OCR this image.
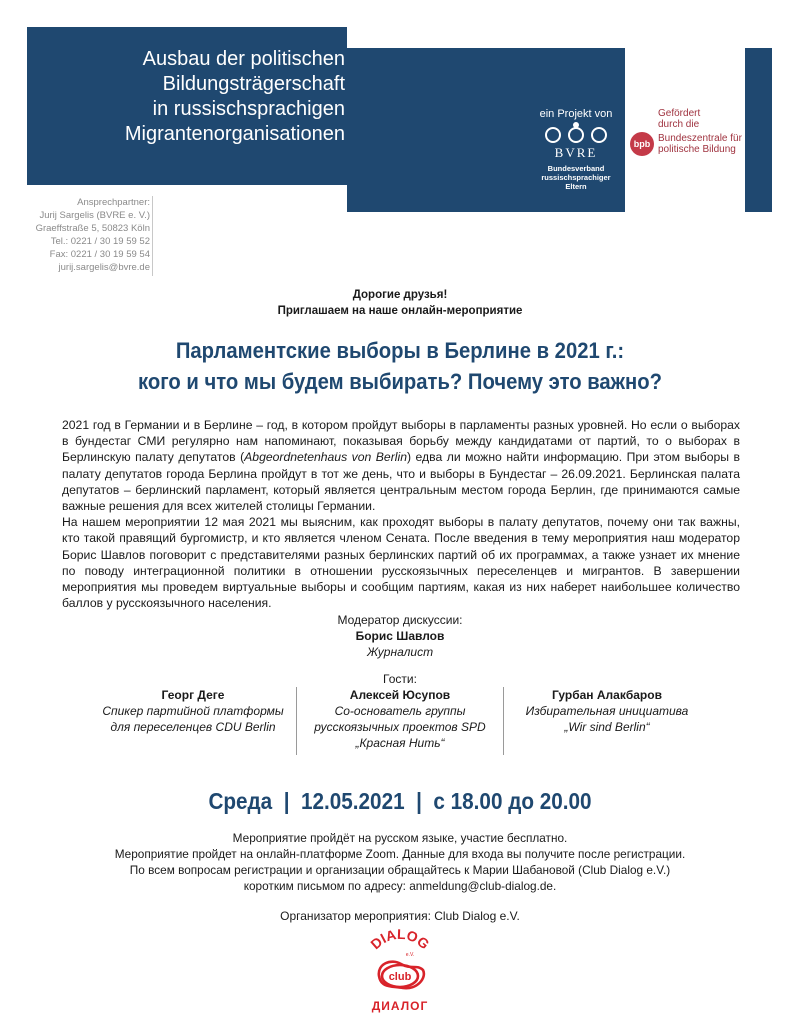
Ausbau der politischen
Bildungsträgerschaft
in russischsprachigen
Migrantenorganisationen
ein Projekt von
BVRE
Bundesverband
russischsprachiger
Eltern
Gefördert
durch die
bpb Bundeszentrale für
politische Bildung
Ansprechpartner:
Jurij Sargelis (BVRE e. V.)
Graeffstraße 5, 50823 Köln
Tel.: 0221 / 30 19 59 52
Fax: 0221 / 30 19 59 54
jurij.sargelis@bvre.de
Дорогие друзья!
Приглашаем на наше онлайн-мероприятие
Парламентские выборы в Берлине в 2021 г.:
кого и что мы будем выбирать? Почему это важно?

2021 год в Германии и в Берлине – год, в котором пройдут выборы в парламенты разных уровней. Но если о выборах в бундестаг СМИ регулярно нам напоминают, показывая борьбу между кандидатами от партий, то о выборах в Берлинскую палату депутатов (Abgeordnetenhaus von Berlin) едва ли можно найти информацию. При этом выборы в палату депутатов города Берлина пройдут в тот же день, что и выборы в Бундестаг – 26.09.2021. Берлинская палата депутатов – берлинский парламент, который является центральным местом города Берлин, где принимаются самые важные решения для всех жителей столицы Германии.

На нашем мероприятии 12 мая 2021 мы выясним, как проходят выборы в палату депутатов, почему они так важны, кто такой правящий бургомистр, и кто является членом Сената. После введения в тему мероприятия наш модератор Борис Шавлов поговорит с представителями разных берлинских партий об их программах, а также узнает их мнение по поводу интеграционной политики в отношении русскоязычных переселенцев и мигрантов. В завершении мероприятия мы проведем виртуальные выборы и сообщим партиям, какая из них наберет наибольшее количество баллов у русскоязычного населения.

Модератор дискуссии:
Борис Шавлов
Журналист
Гости:
Георг Деге
Спикер партийной платформы
для переселенцев CDU Berlin
Алексей Юсупов
Со-основатель группы
русскоязычных проектов SPD
„Красная Нить“
Гурбан Алакбаров
Избирательная инициатива
„Wir sind Berlin“
Среда  |  12.05.2021  |  с 18.00 до 20.00
Мероприятие пройдёт на русском языке, участие бесплатно.
Мероприятие пройдет на онлайн-платформе Zoom. Данные для входа вы получите после регистрации.
По всем вопросам регистрации и организации обращайтесь к Марии Шабановой (Club Dialog e.V.)
коротким письмом по адресу: anmeldung@club-dialog.de.
Организатор мероприятия: Club Dialog e.V.
DIALOG
club
e.V.
ДИАЛОГ
